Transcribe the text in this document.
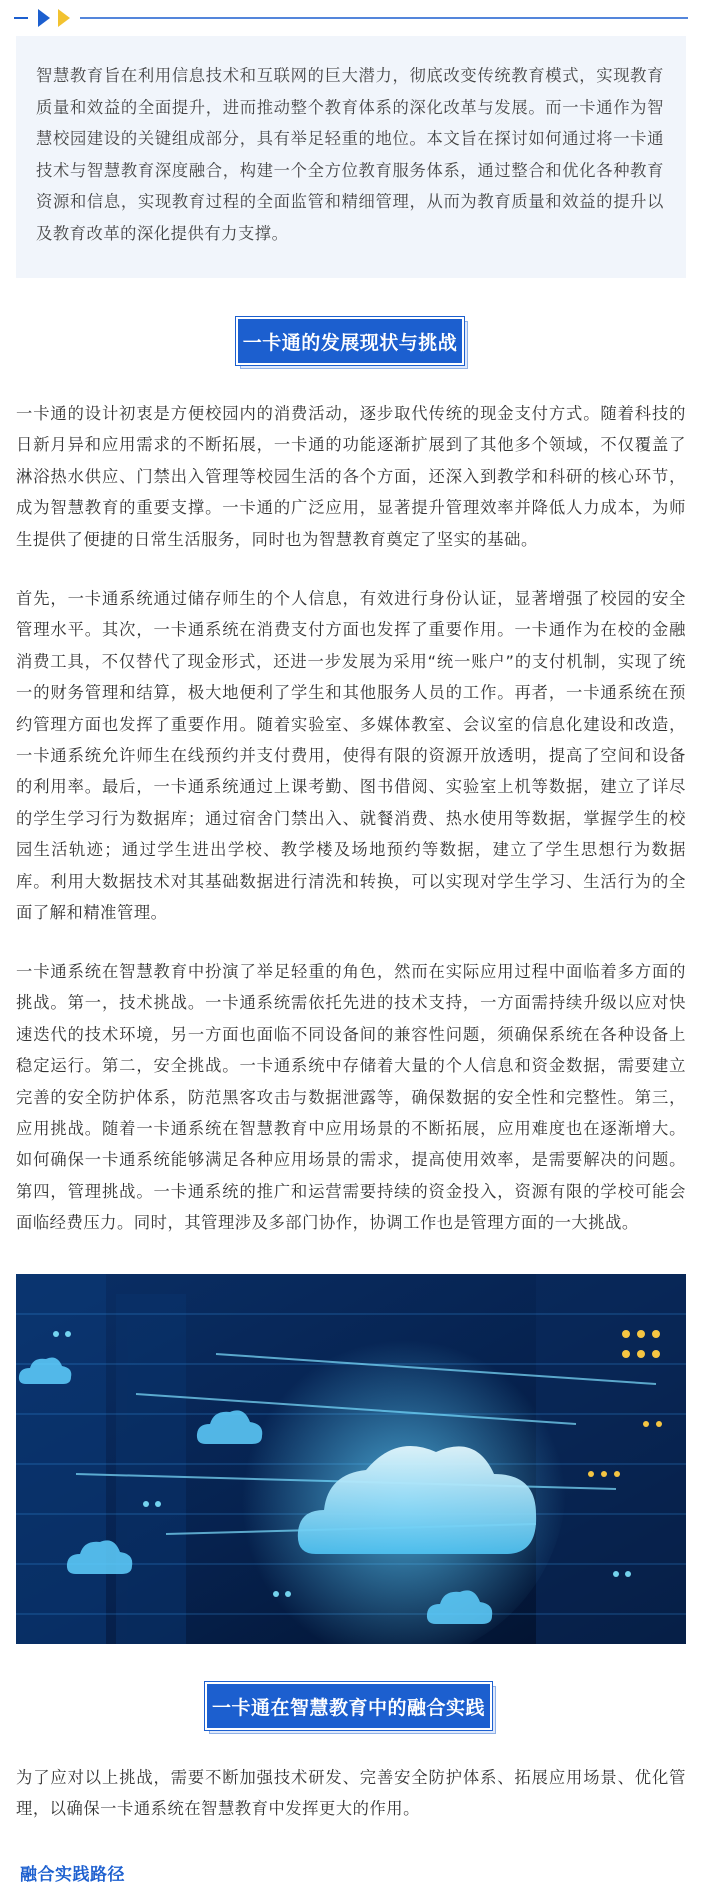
智慧教育旨在利用信息技术和互联网的巨大潜力，彻底改变传统教育模式，实现教育质量和效益的全面提升，进而推动整个教育体系的深化改革与发展。而一卡通作为智慧校园建设的关键组成部分，具有举足轻重的地位。本文旨在探讨如何通过将一卡通技术与智慧教育深度融合，构建一个全方位教育服务体系，通过整合和优化各种教育资源和信息，实现教育过程的全面监管和精细管理，从而为教育质量和效益的提升以及教育改革的深化提供有力支撑。

一卡通的发展现状与挑战

一卡通的设计初衷是方便校园内的消费活动，逐步取代传统的现金支付方式。随着科技的日新月异和应用需求的不断拓展，一卡通的功能逐渐扩展到了其他多个领域，不仅覆盖了淋浴热水供应、门禁出入管理等校园生活的各个方面，还深入到教学和科研的核心环节，成为智慧教育的重要支撑。一卡通的广泛应用，显著提升管理效率并降低人力成本，为师生提供了便捷的日常生活服务，同时也为智慧教育奠定了坚实的基础。

首先，一卡通系统通过储存师生的个人信息，有效进行身份认证，显著增强了校园的安全管理水平。其次，一卡通系统在消费支付方面也发挥了重要作用。一卡通作为在校的金融消费工具，不仅替代了现金形式，还进一步发展为采用“统一账户”的支付机制，实现了统一的财务管理和结算，极大地便利了学生和其他服务人员的工作。再者，一卡通系统在预约管理方面也发挥了重要作用。随着实验室、多媒体教室、会议室的信息化建设和改造，一卡通系统允许师生在线预约并支付费用，使得有限的资源开放透明，提高了空间和设备的利用率。最后，一卡通系统通过上课考勤、图书借阅、实验室上机等数据，建立了详尽的学生学习行为数据库；通过宿舍门禁出入、就餐消费、热水使用等数据，掌握学生的校园生活轨迹；通过学生进出学校、教学楼及场地预约等数据，建立了学生思想行为数据库。利用大数据技术对其基础数据进行清洗和转换，可以实现对学生学习、生活行为的全面了解和精准管理。

一卡通系统在智慧教育中扮演了举足轻重的角色，然而在实际应用过程中面临着多方面的挑战。第一，技术挑战。一卡通系统需依托先进的技术支持，一方面需持续升级以应对快速迭代的技术环境，另一方面也面临不同设备间的兼容性问题，须确保系统在各种设备上稳定运行。第二，安全挑战。一卡通系统中存储着大量的个人信息和资金数据，需要建立完善的安全防护体系，防范黑客攻击与数据泄露等，确保数据的安全性和完整性。第三，应用挑战。随着一卡通系统在智慧教育中应用场景的不断拓展，应用难度也在逐渐增大。如何确保一卡通系统能够满足各种应用场景的需求，提高使用效率，是需要解决的问题。第四，管理挑战。一卡通系统的推广和运营需要持续的资金投入，资源有限的学校可能会面临经费压力。同时，其管理涉及多部门协作，协调工作也是管理方面的一大挑战。

一卡通在智慧教育中的融合实践

为了应对以上挑战，需要不断加强技术研发、完善安全防护体系、拓展应用场景、优化管理，以确保一卡通系统在智慧教育中发挥更大的作用。

融合实践路径
